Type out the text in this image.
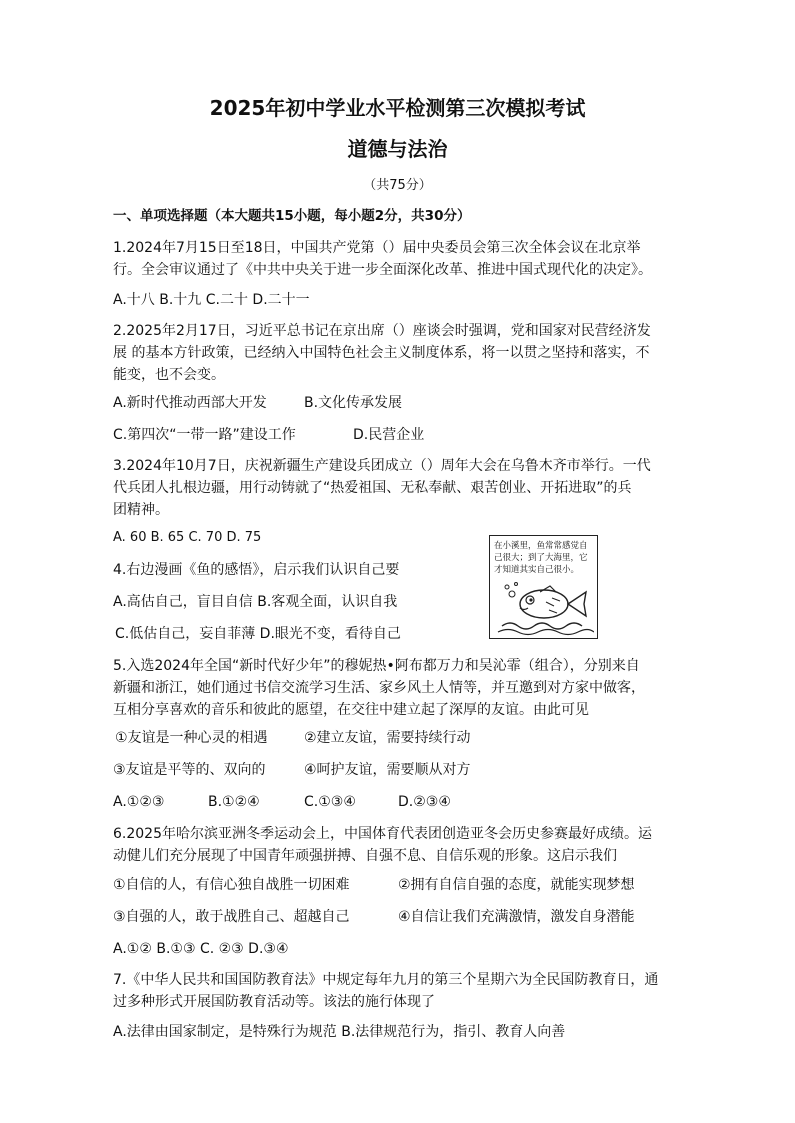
2025年初中学业水平检测第三次模拟考试
道德与法治
（共75分）
一、单项选择题（本大题共15小题，每小题2分，共30分）
1.2024年7月15日至18日，中国共产党第（）届中央委员会第三次全体会议在北京举
行。全会审议通过了《中共中央关于进一步全面深化改革、推进中国式现代化的决定》。
A.十八 B.十九 C.二十 D.二十一
2.2025年2月17日，习近平总书记在京出席（）座谈会时强调，党和国家对民营经济发
展 的基本方针政策，已经纳入中国特色社会主义制度体系，将一以贯之坚持和落实，不
能变，也不会变。
A.新时代推动西部大开发	B.文化传承发展
C.第四次“一带一路”建设工作	D.民营企业
3.2024年10月7日，庆祝新疆生产建设兵团成立（）周年大会在乌鲁木齐市举行。一代
代兵团人扎根边疆，用行动铸就了“热爱祖国、无私奉献、艰苦创业、开拓进取”的兵
团精神。
A. 60 B. 65 C. 70 D. 75
4.右边漫画《鱼的感悟》，启示我们认识自己要
A.高估自己，盲目自信 B.客观全面，认识自我
C.低估自己，妄自菲薄 D.眼光不变，看待自己
在小溪里，鱼常常感觉自己很大；到了大海里，它才知道其实自己很小。
5.入选2024年全国“新时代好少年”的穆妮热•阿布都万力和吴沁霏（组合），分别来自
新疆和浙江，她们通过书信交流学习生活、家乡风土人情等，并互邀到对方家中做客，
互相分享喜欢的音乐和彼此的愿望，在交往中建立起了深厚的友谊。由此可见
①友谊是一种心灵的相遇	②建立友谊，需要持续行动
③友谊是平等的、双向的	④呵护友谊，需要顺从对方
A.①②③	B.①②④	C.①③④	D.②③④
6.2025年哈尔滨亚洲冬季运动会上，中国体育代表团创造亚冬会历史参赛最好成绩。运
动健儿们充分展现了中国青年顽强拼搏、自强不息、自信乐观的形象。这启示我们
①自信的人，有信心独自战胜一切困难	②拥有自信自强的态度，就能实现梦想
③自强的人，敢于战胜自己、超越自己	④自信让我们充满激情，激发自身潜能
A.①② B.①③ C. ②③ D.③④
7.《中华人民共和国国防教育法》中规定每年九月的第三个星期六为全民国防教育日，通
过多种形式开展国防教育活动等。该法的施行体现了
A.法律由国家制定，是特殊行为规范 B.法律规范行为，指引、教育人向善
